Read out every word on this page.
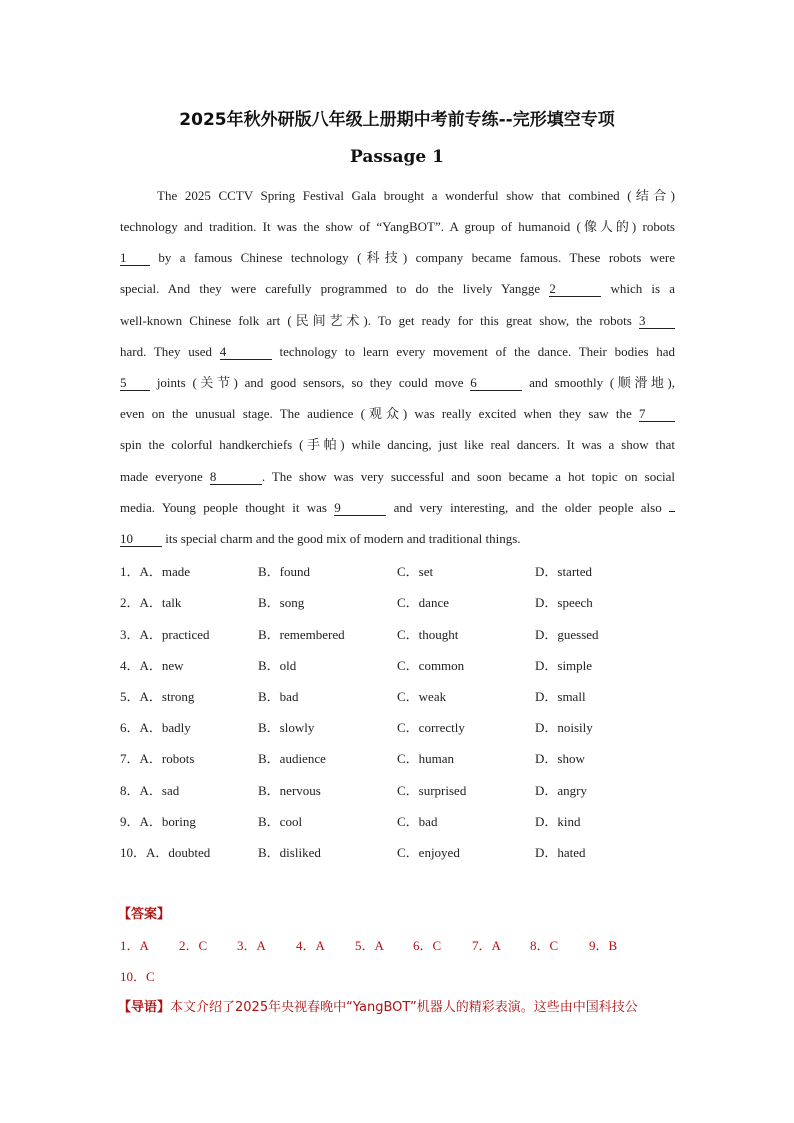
2025年秋外研版八年级上册期中考前专练--完形填空专项
Passage 1
The 2025 CCTV Spring Festival Gala brought a wonderful show that combined (结合)
technology and tradition. It was the show of “YangBOT”. A group of humanoid (像人的) robots
1 by a famous Chinese technology (科技) company became famous. These robots were
special. And they were carefully programmed to do the lively Yangge 2	which is a
well-known Chinese folk art (民间艺术). To get ready for this great show, the robots 3
hard. They used 4	technology to learn every movement of the dance. Their bodies had
5 joints (关节) and good sensors, so they could move 6	and smoothly (顺滑地),
even on the unusual stage. The audience (观众) was really excited when they saw the 7
spin the colorful handkerchiefs (手帕) while dancing, just like real dancers. It was a show that
made everyone 8	. The show was very successful and soon became a hot topic on social
media. Young people thought it was 9	and very interesting, and the older people also
10 its special charm and the good mix of modern and traditional things.
1．A．made	B．found	C．set	D．started
2．A．talk	B．song	C．dance	D．speech
3．A．practiced	B．remembered	C．thought	D．guessed
4．A．new	B．old	C．common	D．simple
5．A．strong	B．bad	C．weak	D．small
6．A．badly	B．slowly	C．correctly	D．noisily
7．A．robots	B．audience	C．human	D．show
8．A．sad	B．nervous	C．surprised	D．angry
9．A．boring	B．cool	C．bad	D．kind
10．A．doubted	B．disliked	C．enjoyed	D．hated
【答案】
1．A 2．C 3．A 4．A 5．A 6．C 7．A 8．C 9．B
10．C
【导语】本文介绍了2025年央视春晚中“YangBOT”机器人的精彩表演。这些由中国科技公
